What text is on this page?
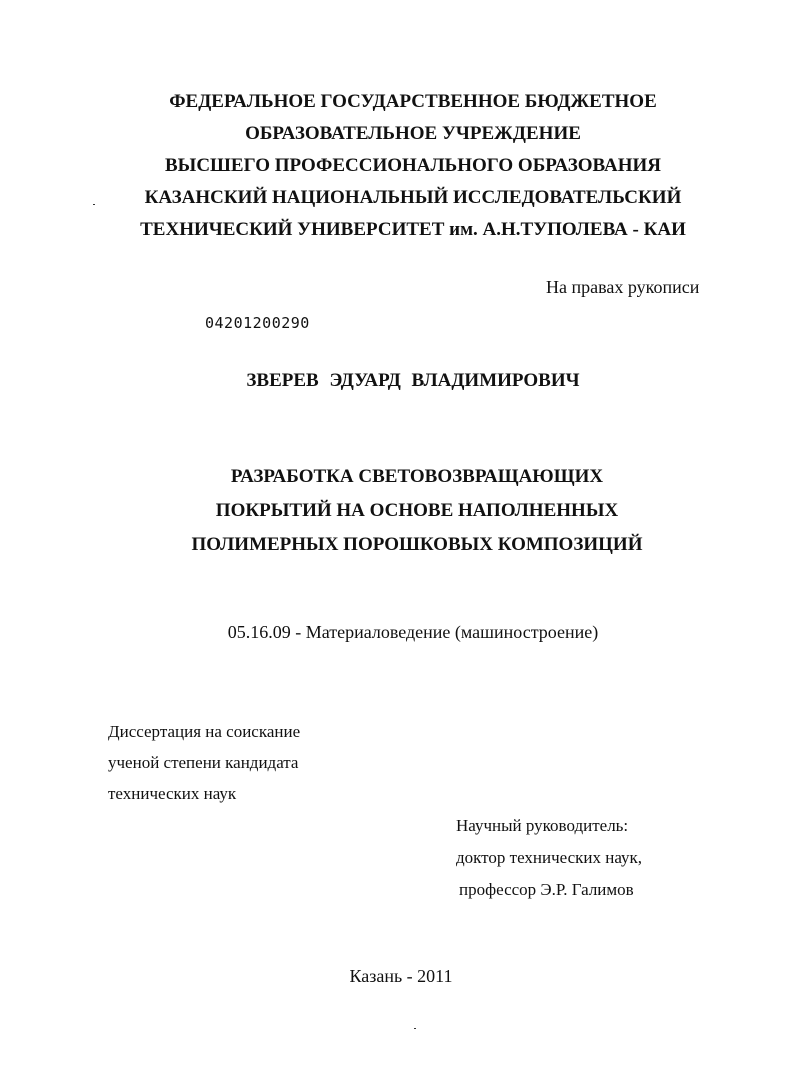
ФЕДЕРАЛЬНОЕ ГОСУДАРСТВЕННОЕ БЮДЖЕТНОЕ
ОБРАЗОВАТЕЛЬНОЕ УЧРЕЖДЕНИЕ
ВЫСШЕГО ПРОФЕССИОНАЛЬНОГО ОБРАЗОВАНИЯ
КАЗАНСКИЙ НАЦИОНАЛЬНЫЙ ИССЛЕДОВАТЕЛЬСКИЙ
ТЕХНИЧЕСКИЙ УНИВЕРСИТЕТ им. А.Н.ТУПОЛЕВА - КАИ
На правах рукописи
04201200290
ЗВЕРЕВ ЭДУАРД ВЛАДИМИРОВИЧ
РАЗРАБОТКА СВЕТОВОЗВРАЩАЮЩИХ
ПОКРЫТИЙ НА ОСНОВЕ НАПОЛНЕННЫХ
ПОЛИМЕРНЫХ ПОРОШКОВЫХ КОМПОЗИЦИЙ
05.16.09 - Материаловедение (машиностроение)
Диссертация на соискание
ученой степени кандидата
технических наук
Научный руководитель:
доктор технических наук,
профессор Э.Р. Галимов
Казань - 2011
